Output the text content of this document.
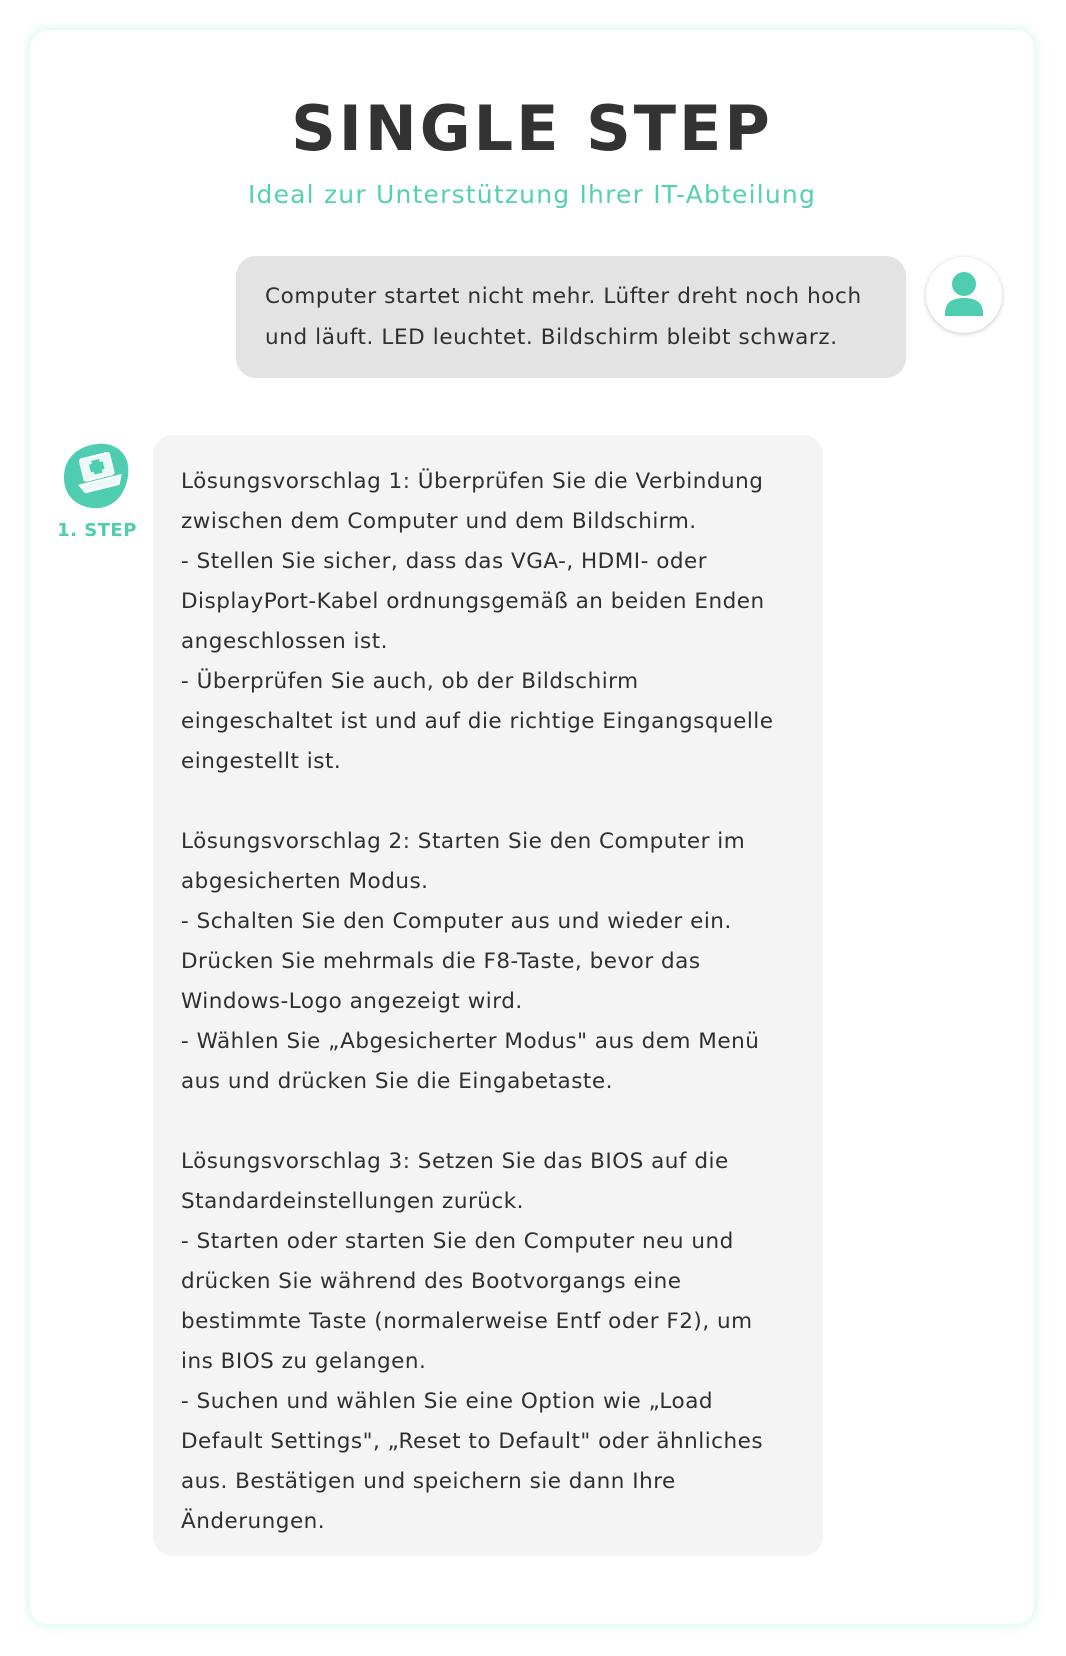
SINGLE STEP
Ideal zur Unterstützung Ihrer IT-Abteilung
Computer startet nicht mehr. Lüfter dreht noch hoch
und läuft. LED leuchtet. Bildschirm bleibt schwarz.
1. STEP
Lösungsvorschlag 1: Überprüfen Sie die Verbindung
zwischen dem Computer und dem Bildschirm.
- Stellen Sie sicher, dass das VGA-, HDMI- oder
DisplayPort-Kabel ordnungsgemäß an beiden Enden
angeschlossen ist.
- Überprüfen Sie auch, ob der Bildschirm
eingeschaltet ist und auf die richtige Eingangsquelle
eingestellt ist.

Lösungsvorschlag 2: Starten Sie den Computer im
abgesicherten Modus.
- Schalten Sie den Computer aus und wieder ein.
Drücken Sie mehrmals die F8-Taste, bevor das
Windows-Logo angezeigt wird.
- Wählen Sie „Abgesicherter Modus" aus dem Menü
aus und drücken Sie die Eingabetaste.

Lösungsvorschlag 3: Setzen Sie das BIOS auf die
Standardeinstellungen zurück.
- Starten oder starten Sie den Computer neu und
drücken Sie während des Bootvorgangs eine
bestimmte Taste (normalerweise Entf oder F2), um
ins BIOS zu gelangen.
- Suchen und wählen Sie eine Option wie „Load
Default Settings", „Reset to Default" oder ähnliches
aus. Bestätigen und speichern sie dann Ihre
Änderungen.
